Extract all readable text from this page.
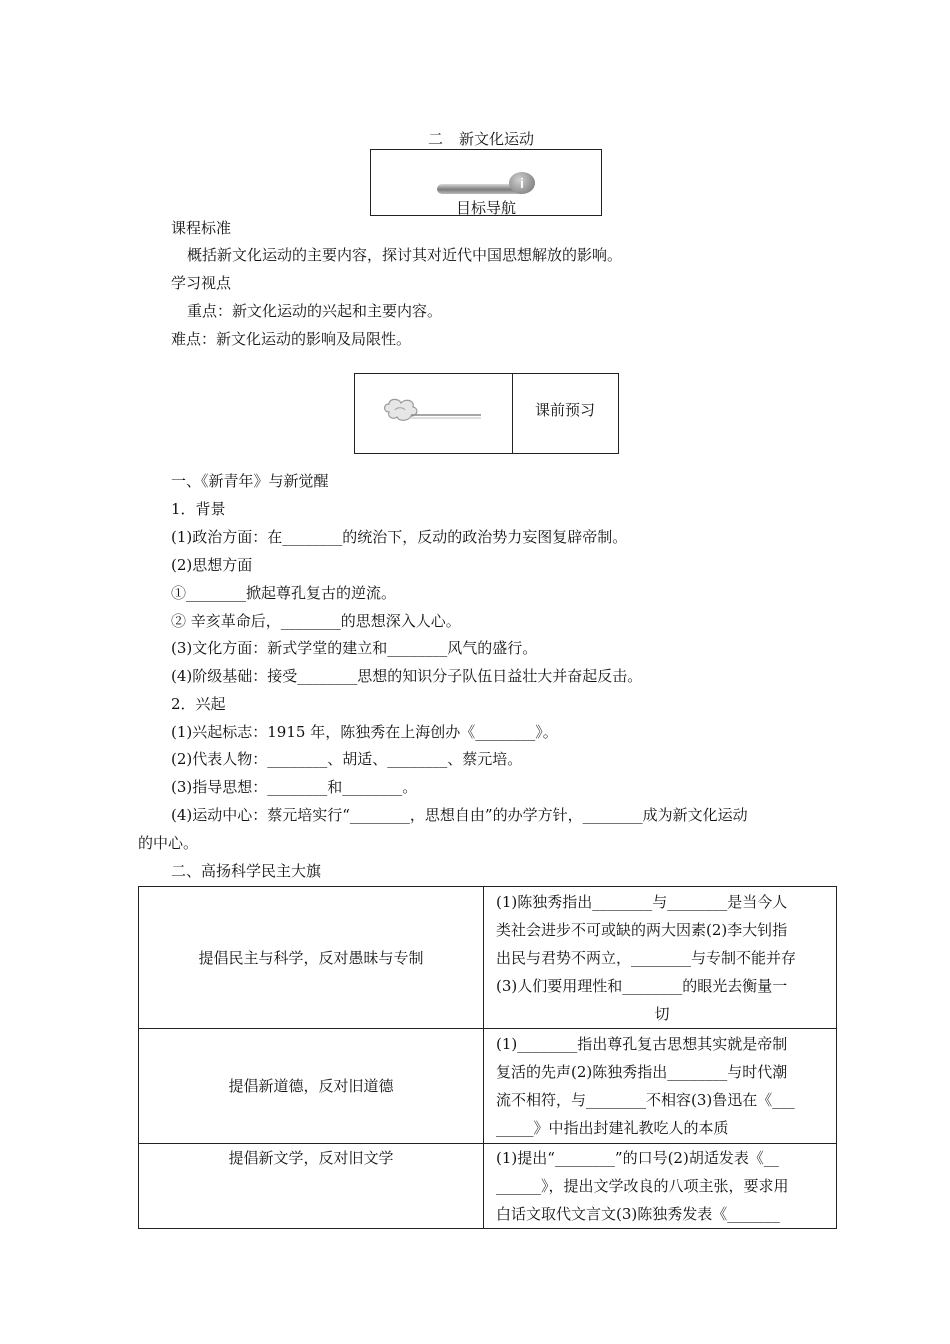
二 新文化运动
i
目标导航
课程标准
概括新文化运动的主要内容，探讨其对近代中国思想解放的影响。
学习视点
重点：新文化运动的兴起和主要内容。
难点：新文化运动的影响及局限性。
课前预习
一、《新青年》与新觉醒
1．背景
(1)政治方面：在________的统治下，反动的政治势力妄图复辟帝制。
(2)思想方面
①________掀起尊孔复古的逆流。
② 辛亥革命后，________的思想深入人心。
(3)文化方面：新式学堂的建立和________风气的盛行。
(4)阶级基础：接受________思想的知识分子队伍日益壮大并奋起反击。
2．兴起
(1)兴起标志：1915 年，陈独秀在上海创办《________》。
(2)代表人物：________、胡适、________、蔡元培。
(3)指导思想：________和________。
(4)运动中心：蔡元培实行“________，思想自由”的办学方针，________成为新文化运动
的中心。
二、高扬科学民主大旗
提倡民主与科学，反对愚昧与专制	(1)陈独秀指出________与________是当今人
类社会进步不可或缺的两大因素(2)李大钊指
出民与君势不两立，________与专制不能并存
(3)人们要用理性和________的眼光去衡量一
切

提倡新道德，反对旧道德	(1)________指出尊孔复古思想其实就是帝制
复活的先声(2)陈独秀指出________与时代潮
流不相符，与________不相容(3)鲁迅在《___
_____》中指出封建礼教吃人的本质

提倡新文学，反对旧文学	(1)提出“________”的口号(2)胡适发表《__
______》，提出文学改良的八项主张，要求用
白话文取代文言文(3)陈独秀发表《_______
